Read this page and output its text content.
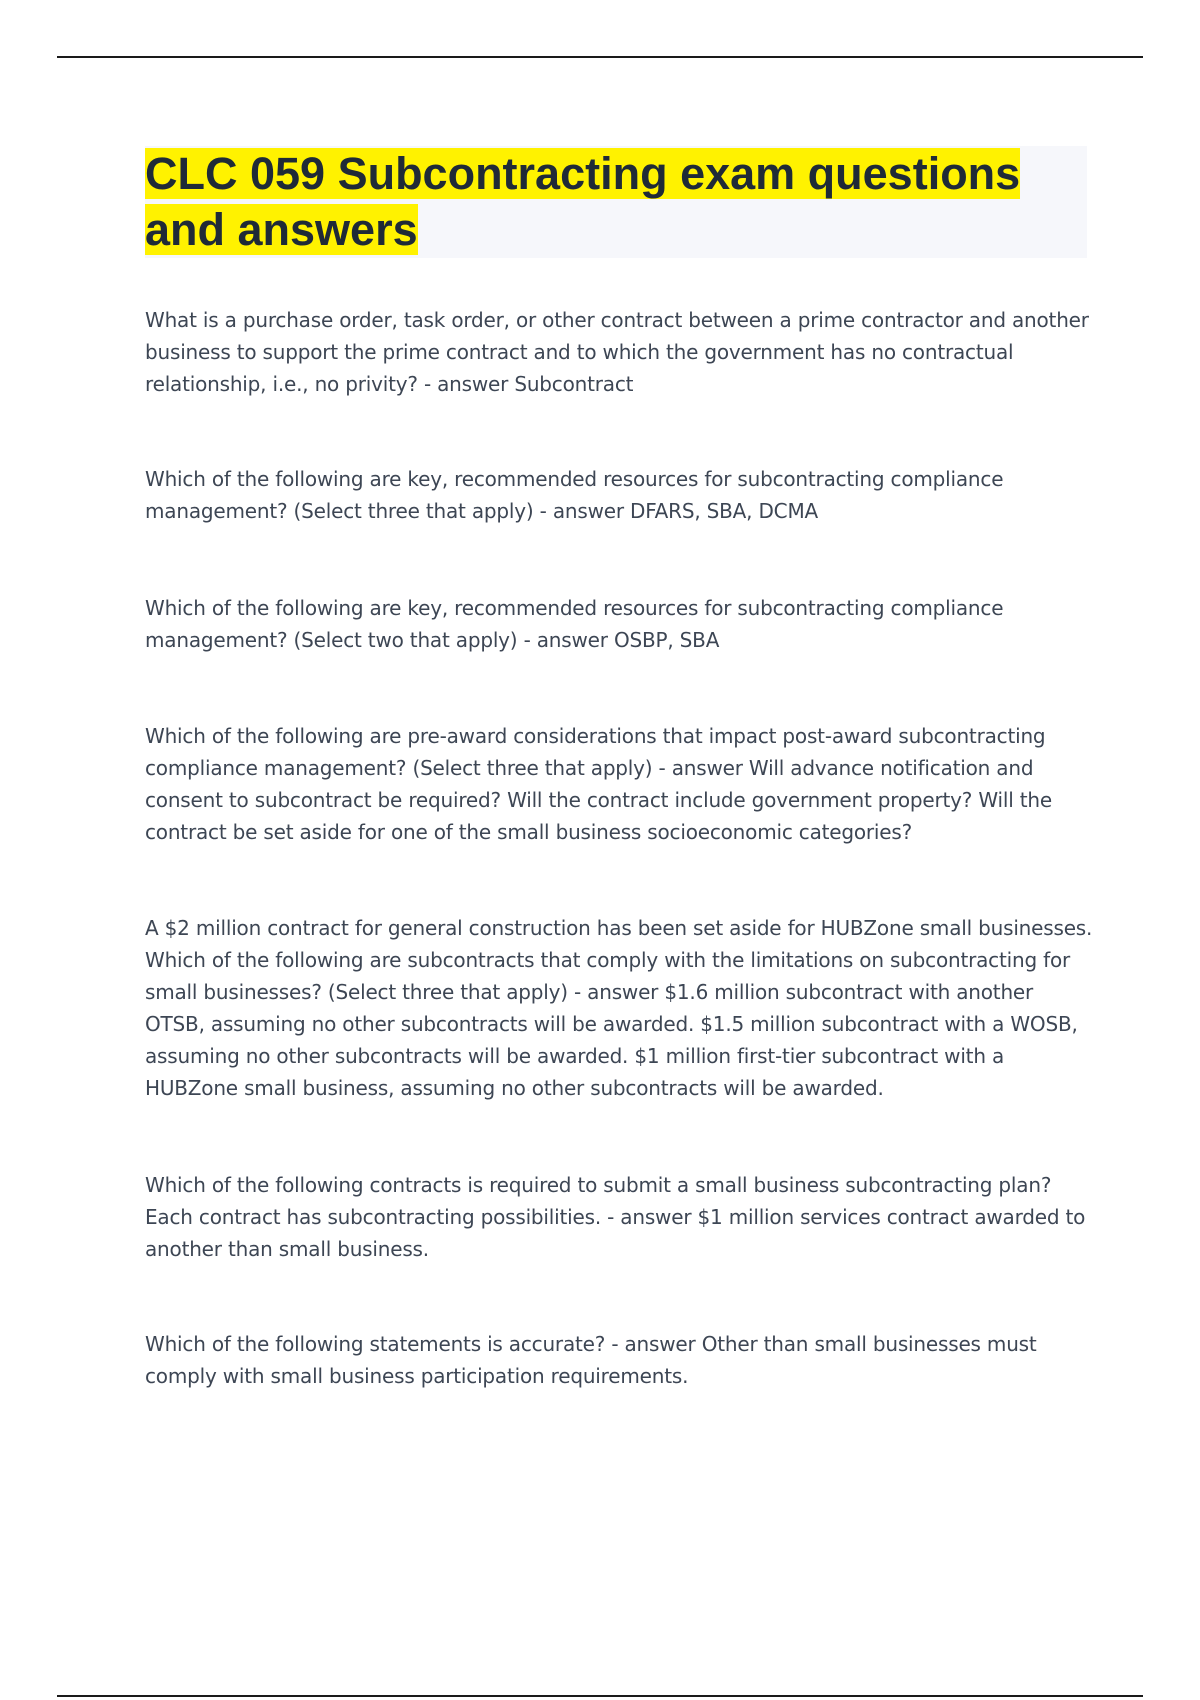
CLC 059 Subcontracting exam questions and answers

What is a purchase order, task order, or other contract between a prime contractor and another business to support the prime contract and to which the government has no contractual relationship, i.e., no privity? - answer Subcontract

Which of the following are key, recommended resources for subcontracting compliance management? (Select three that apply) - answer DFARS, SBA, DCMA

Which of the following are key, recommended resources for subcontracting compliance management? (Select two that apply) - answer OSBP, SBA

Which of the following are pre-award considerations that impact post-award subcontracting compliance management? (Select three that apply) - answer Will advance notification and consent to subcontract be required? Will the contract include government property? Will the contract be set aside for one of the small business socioeconomic categories?

A $2 million contract for general construction has been set aside for HUBZone small businesses. Which of the following are subcontracts that comply with the limitations on subcontracting for small businesses? (Select three that apply) - answer $1.6 million subcontract with another OTSB, assuming no other subcontracts will be awarded. $1.5 million subcontract with a WOSB, assuming no other subcontracts will be awarded. $1 million first-tier subcontract with a HUBZone small business, assuming no other subcontracts will be awarded.

Which of the following contracts is required to submit a small business subcontracting plan? Each contract has subcontracting possibilities. - answer $1 million services contract awarded to another than small business.

Which of the following statements is accurate? - answer Other than small businesses must comply with small business participation requirements.
